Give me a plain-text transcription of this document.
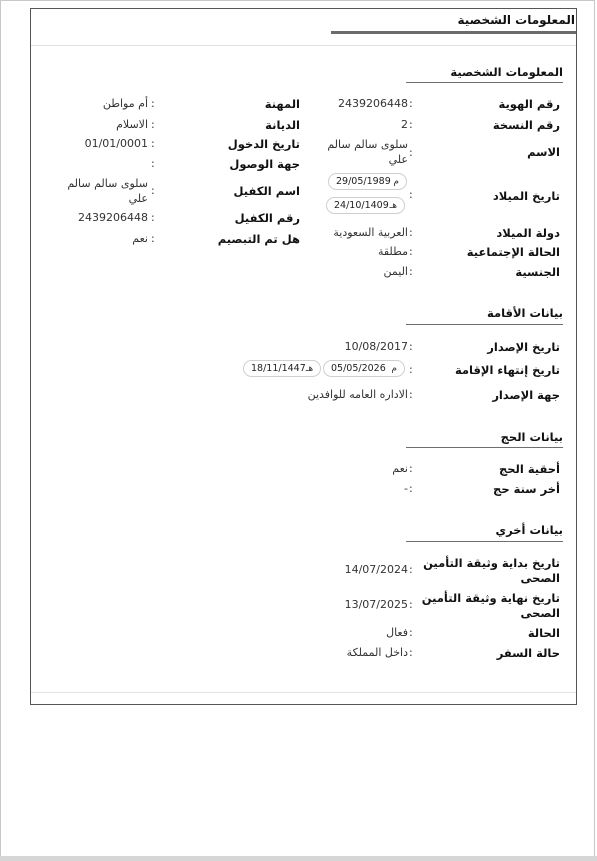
المعلومات الشخصية
المعلومات الشخصية
رقم الهوية
رقم النسخة
الاسم
تاريخ الميلاد
دولة الميلاد
الحالة الإجتماعية
الجنسية
:
:
:
:
:
:
:
2439206448
2
سلوى سالم سالم
علي
29/05/1989 م
24/10/1409 هـ
العربية السعودية
مطلقة
اليمن
المهنة
الديانة
تاريخ الدخول
جهة الوصول
اسم الكفيل
رقم الكفيل
هل تم التبصيم
:
:
:
:
:
:
:
أم مواطن
الاسلام
01/01/0001
سلوى سالم سالم
علي
2439206448
نعم
بيانات الأقامة
تاريخ الإصدار
تاريخ إنتهاء الإقامة
جهة الإصدار
:
:
:
10/08/2017
05/05/2026 م
18/11/1447 هـ
الاداره العامه للوافدين
بيانات الحج
أحقية الحج
أخر سنة حج
:
:
نعم
-
بيانات أخري
تاريخ بداية وثيقة التأمين
الصحى
تاريخ نهاية وثيقة التأمين
الصحى
الحالة
حالة السفر
:
:
:
:
14/07/2024
13/07/2025
فعال
داخل المملكة
